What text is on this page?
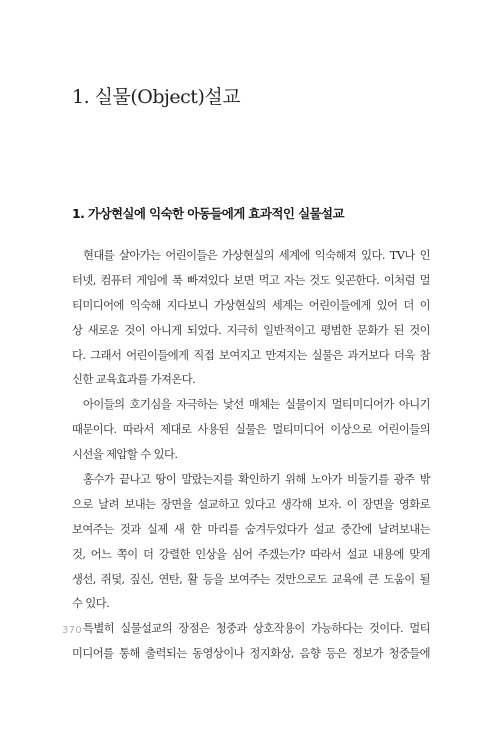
1. 실물(Object)설교
1. 가상현실에 익숙한 아동들에게 효과적인 실물설교
현대를 살아가는 어린이들은 가상현실의 세계에 익숙해져 있다. TV나 인
터넷, 컴퓨터 게임에 푹 빠져있다 보면 먹고 자는 것도 잊곤한다. 이처럼 멀
티미디어에 익숙해 지다보니 가상현실의 세계는 어린이들에게 있어 더 이
상 새로운 것이 아니게 되었다. 지극히 일반적이고 평범한 문화가 된 것이
다. 그래서 어린이들에게 직접 보여지고 만져지는 실물은 과거보다 더욱 참
신한 교육효과를 가져온다.
아이들의 호기심을 자극하는 낯선 매체는 실물이지 멀티미디어가 아니기
때문이다. 따라서 제대로 사용된 실물은 멀티미디어 이상으로 어린이들의
시선을 제압할 수 있다.
홍수가 끝나고 땅이 말랐는지를 확인하기 위해 노아가 비둘기를 광주 밖
으로 날려 보내는 장면을 설교하고 있다고 생각해 보자. 이 장면을 영화로
보여주는 것과 실제 새 한 마리를 숨겨두었다가 설교 중간에 날려보내는
것, 어느 쪽이 더 강렬한 인상을 심어 주겠는가? 따라서 설교 내용에 맞게
생선, 쥐덫, 짚신, 연탄, 활 등을 보여주는 것만으로도 교육에 큰 도움이 될
수 있다.
특별히 실물설교의 장점은 청중과 상호작용이 가능하다는 것이다. 멀티
미디어를 통해 출력되는 동영상이나 정지화상, 음향 등은 정보가 청중들에
370
